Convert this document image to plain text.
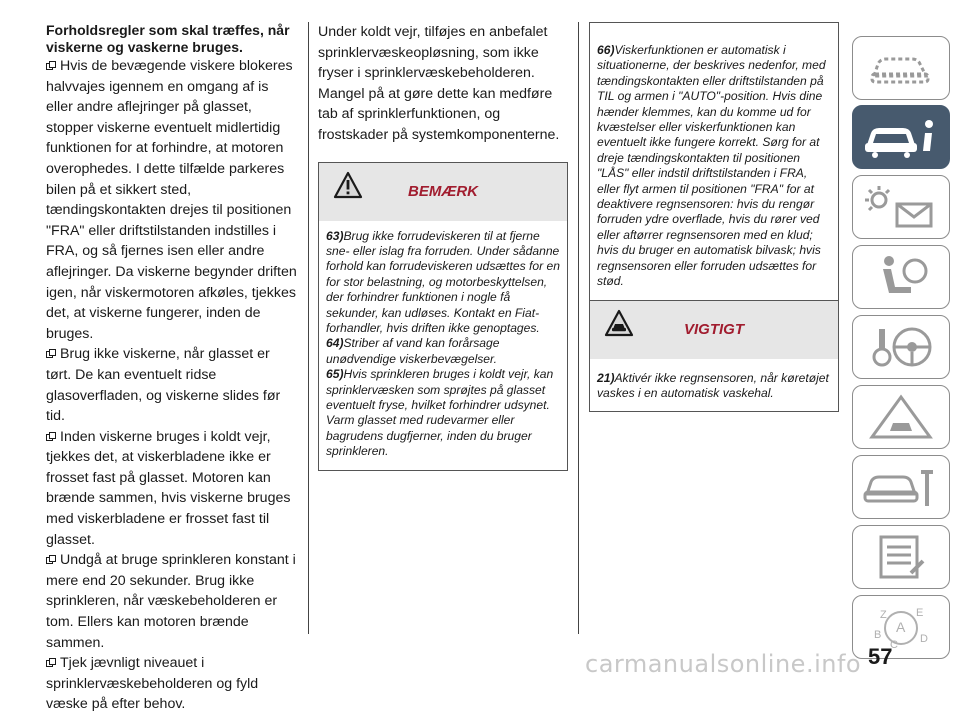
Forholdsregler som skal træffes, når viskerne og vaskerne bruges.

Hvis de bevægende viskere blokeres halvvajes igennem en omgang af is eller andre aflejringer på glasset, stopper viskerne eventuelt midlertidig funktionen for at forhindre, at motoren overophedes. I dette tilfælde parkeres bilen på et sikkert sted, tændingskontakten drejes til positionen "FRA" eller driftstilstanden indstilles i FRA, og så fjernes isen eller andre aflejringer. Da viskerne begynder driften igen, når viskermotoren afkøles, tjekkes det, at viskerne fungerer, inden de bruges.

Brug ikke viskerne, når glasset er tørt. De kan eventuelt ridse glasoverfladen, og viskerne slides før tid.

Inden viskerne bruges i koldt vejr, tjekkes det, at viskerbladene ikke er frosset fast på glasset. Motoren kan brænde sammen, hvis viskerne bruges med viskerbladene er frosset fast til glasset.

Undgå at bruge sprinkleren konstant i mere end 20 sekunder. Brug ikke sprinkleren, når væskebeholderen er tom. Ellers kan motoren brænde sammen.

Tjek jævnligt niveauet i sprinklervæskebeholderen og fyld væske på efter behov.

Under koldt vejr, tilføjes en anbefalet sprinklervæskeopløsning, som ikke fryser i sprinklervæskebeholderen. Mangel på at gøre dette kan medføre tab af sprinklerfunktionen, og frostskader på systemkomponenterne.

BEMÆRK

63)Brug ikke forrudeviskeren til at fjerne sne- eller islag fra forruden. Under sådanne forhold kan forrudeviskeren udsættes for en for stor belastning, og motorbeskyttelsen, der forhindrer funktionen i nogle få sekunder, kan udløses. Kontakt en Fiat-forhandler, hvis driften ikke genoptages.

64)Striber af vand kan forårsage unødvendige viskerbevægelser.

65)Hvis sprinkleren bruges i koldt vejr, kan sprinklervæsken som sprøjtes på glasset eventuelt fryse, hvilket forhindrer udsynet. Varm glasset med rudevarmer eller bagrudens dugfjerner, inden du bruger sprinkleren.

66)Viskerfunktionen er automatisk i situationerne, der beskrives nedenfor, med tændingskontakten eller driftstilstanden på TIL og armen i "AUTO"-position. Hvis dine hænder klemmes, kan du komme ud for kvæstelser eller viskerfunktionen kan eventuelt ikke fungere korrekt. Sørg for at dreje tændingskontakten til positionen "LÅS" eller indstil driftstilstanden i FRA, eller flyt armen til positionen "FRA" for at deaktivere regnsensoren: hvis du rengør forruden ydre overflade, hvis du rører ved eller aftørrer regnsensoren med en klud; hvis du bruger en automatisk bilvask; hvis regnsensoren eller forruden udsættes for stød.

VIGTIGT

21)Aktivér ikke regnsensoren, når køretøjet vaskes i en automatisk vaskehal.

Z	E
B A
D
C
57
carmanualsonline.info
